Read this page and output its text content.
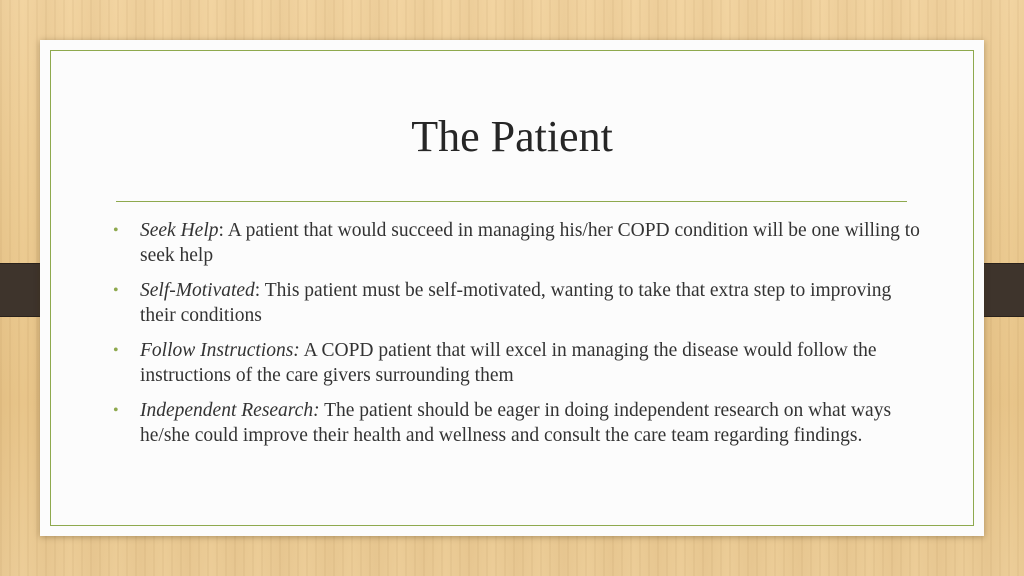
The Patient
• Seek Help: A patient that would succeed in managing his/her COPD condition will be one willing to seek help
• Self-Motivated: This patient must be self-motivated, wanting to take that extra step to improving their conditions
• Follow Instructions: A COPD patient that will excel in managing the disease would follow the instructions of the care givers surrounding them
• Independent Research: The patient should be eager in doing independent research on what ways he/she could improve their health and wellness and consult the care team regarding findings.
